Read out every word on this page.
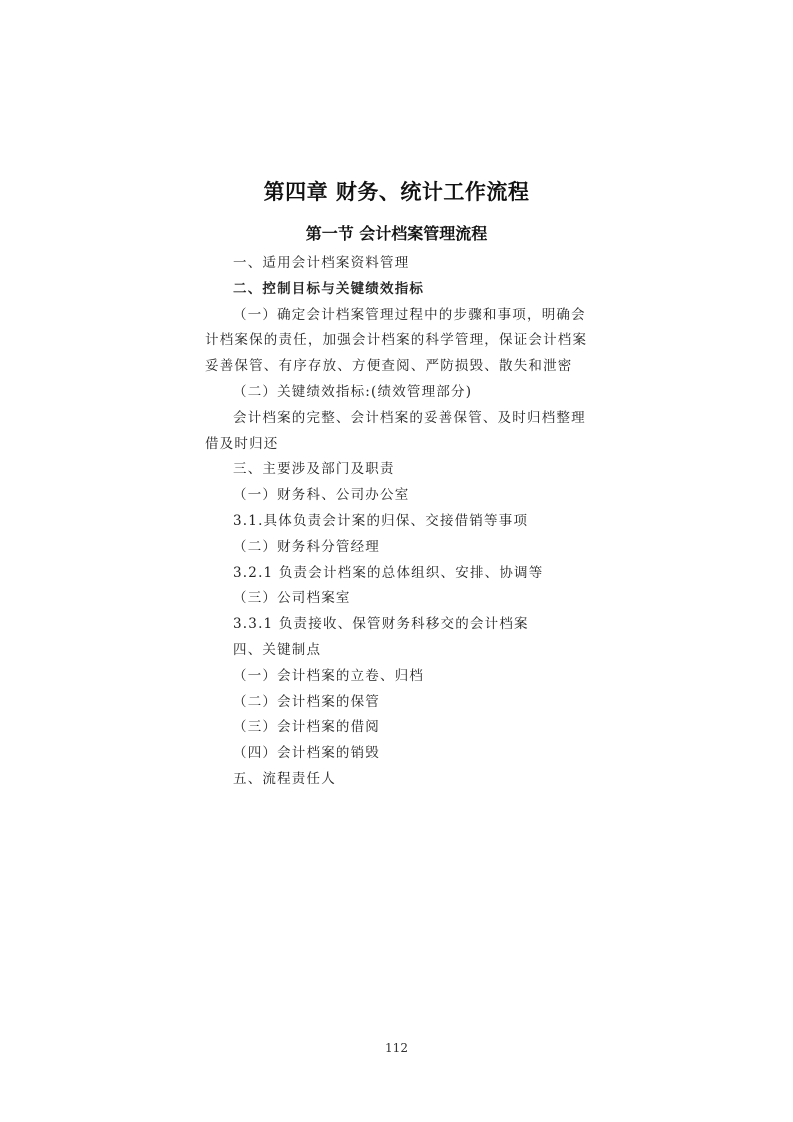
第四章 财务、统计工作流程
第一节 会计档案管理流程
一、适用会计档案资料管理
二、控制目标与关键绩效指标
（一）确定会计档案管理过程中的步骤和事项，明确会
计档案保的责任，加强会计档案的科学管理，保证会计档案
妥善保管、有序存放、方便查阅、严防损毁、散失和泄密
（二）关键绩效指标:(绩效管理部分)
会计档案的完整、会计档案的妥善保管、及时归档整理
借及时归还
三、主要涉及部门及职责
（一）财务科、公司办公室
3.1.具体负责会计案的归保、交接借销等事项
（二）财务科分管经理
3.2.1 负责会计档案的总体组织、安排、协调等
（三）公司档案室
3.3.1 负责接收、保管财务科移交的会计档案
四、关键制点
（一）会计档案的立卷、归档
（二）会计档案的保管
（三）会计档案的借阅
（四）会计档案的销毁
五、流程责任人
112
